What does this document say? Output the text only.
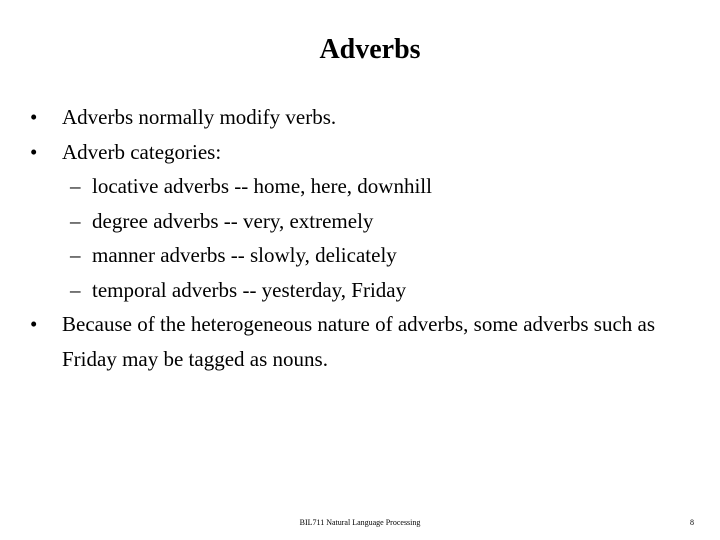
Adverbs
•	Adverbs normally modify verbs.
•	Adverb categories:
– locative adverbs -- home, here, downhill
– degree adverbs -- very, extremely
– manner adverbs -- slowly, delicately
– temporal adverbs -- yesterday, Friday
•	Because of the heterogeneous nature of adverbs, some adverbs such as Friday may be tagged as nouns.
BIL711 Natural Language Processing	8
